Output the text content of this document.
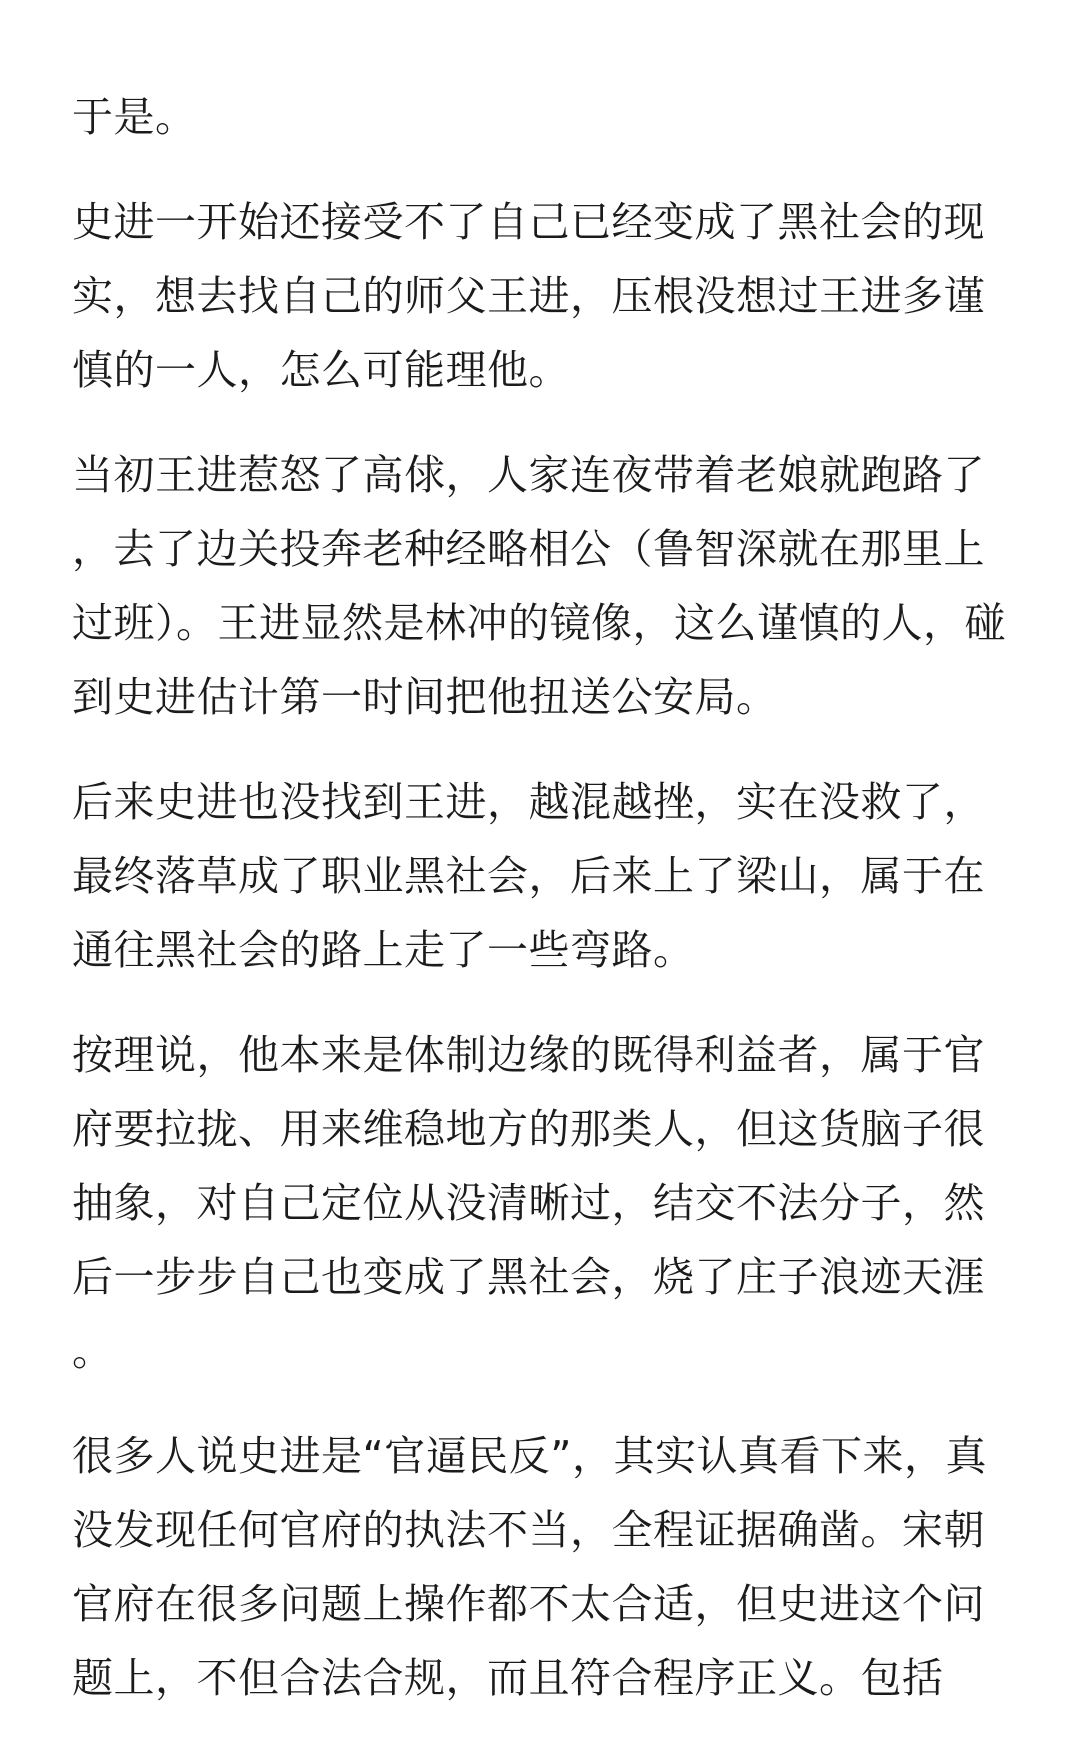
于是。

史进一开始还接受不了自己已经变成了黑社会的现实，想去找自己的师父王进，压根没想过王进多谨慎的一人，怎么可能理他。

当初王进惹怒了高俅，人家连夜带着老娘就跑路了，去了边关投奔老种经略相公（鲁智深就在那里上过班）。王进显然是林冲的镜像，这么谨慎的人，碰到史进估计第一时间把他扭送公安局。

后来史进也没找到王进，越混越挫，实在没救了，最终落草成了职业黑社会，后来上了梁山，属于在通往黑社会的路上走了一些弯路。

按理说，他本来是体制边缘的既得利益者，属于官府要拉拢、用来维稳地方的那类人，但这货脑子很抽象，对自己定位从没清晰过，结交不法分子，然后一步步自己也变成了黑社会，烧了庄子浪迹天涯。

很多人说史进是“官逼民反”，其实认真看下来，真没发现任何官府的执法不当，全程证据确凿。宋朝官府在很多问题上操作都不太合适，但史进这个问题上，不但合法合规，而且符合程序正义。包括
